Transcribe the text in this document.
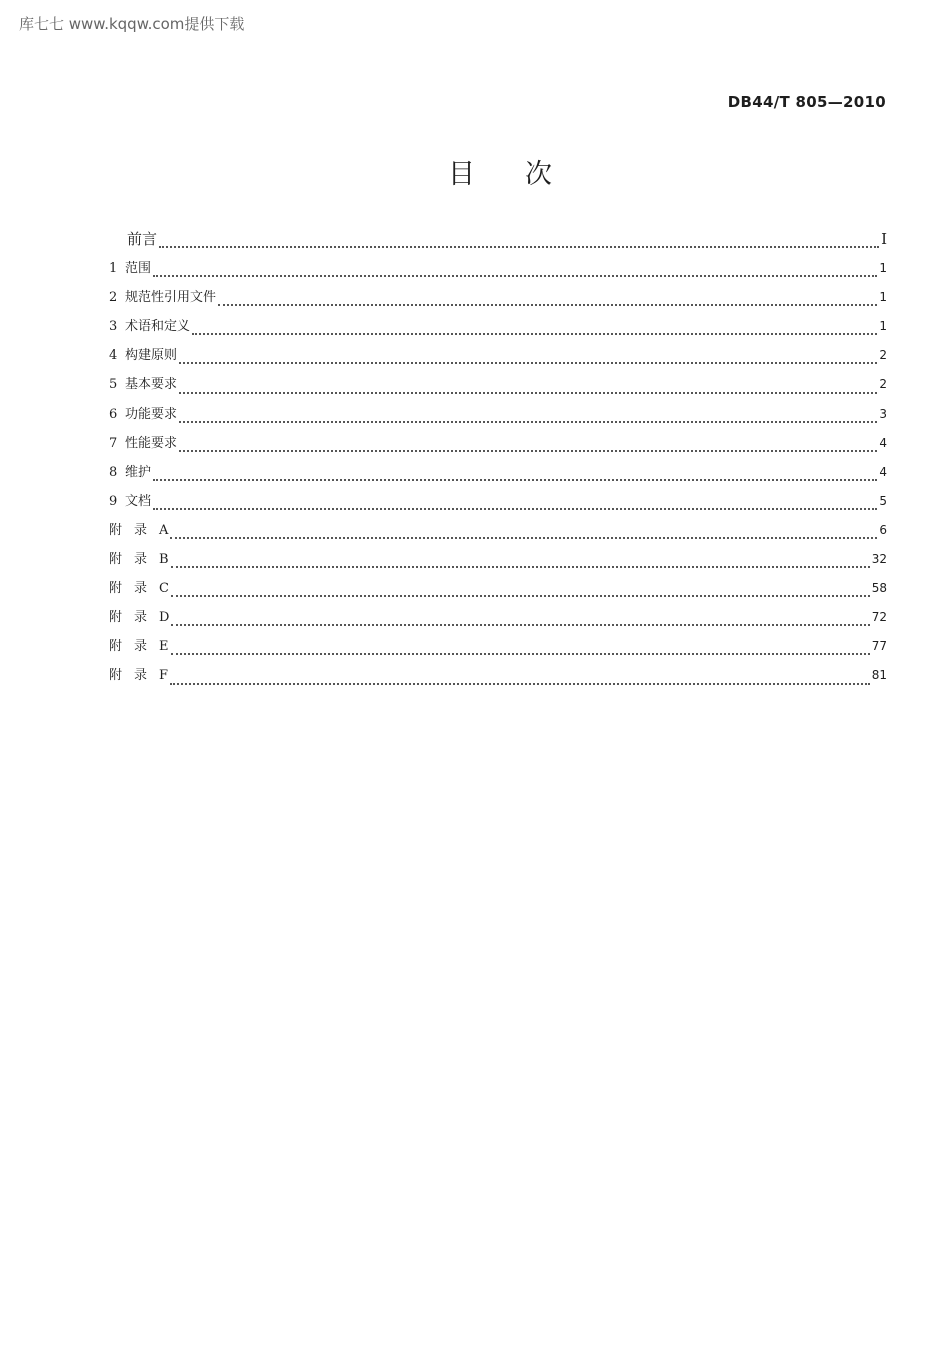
库七七 www.kqqw.com提供下载
DB44/T 805—2010
目 次
前言	I
1 范围	1
2 规范性引用文件	1
3 术语和定义	1
4 构建原则	2
5 基本要求	2
6 功能要求	3
7 性能要求	4
8 维护	4
9 文档	5
附录A	6
附录B	32
附录C	58
附录D	72
附录E	77
附录F	81
